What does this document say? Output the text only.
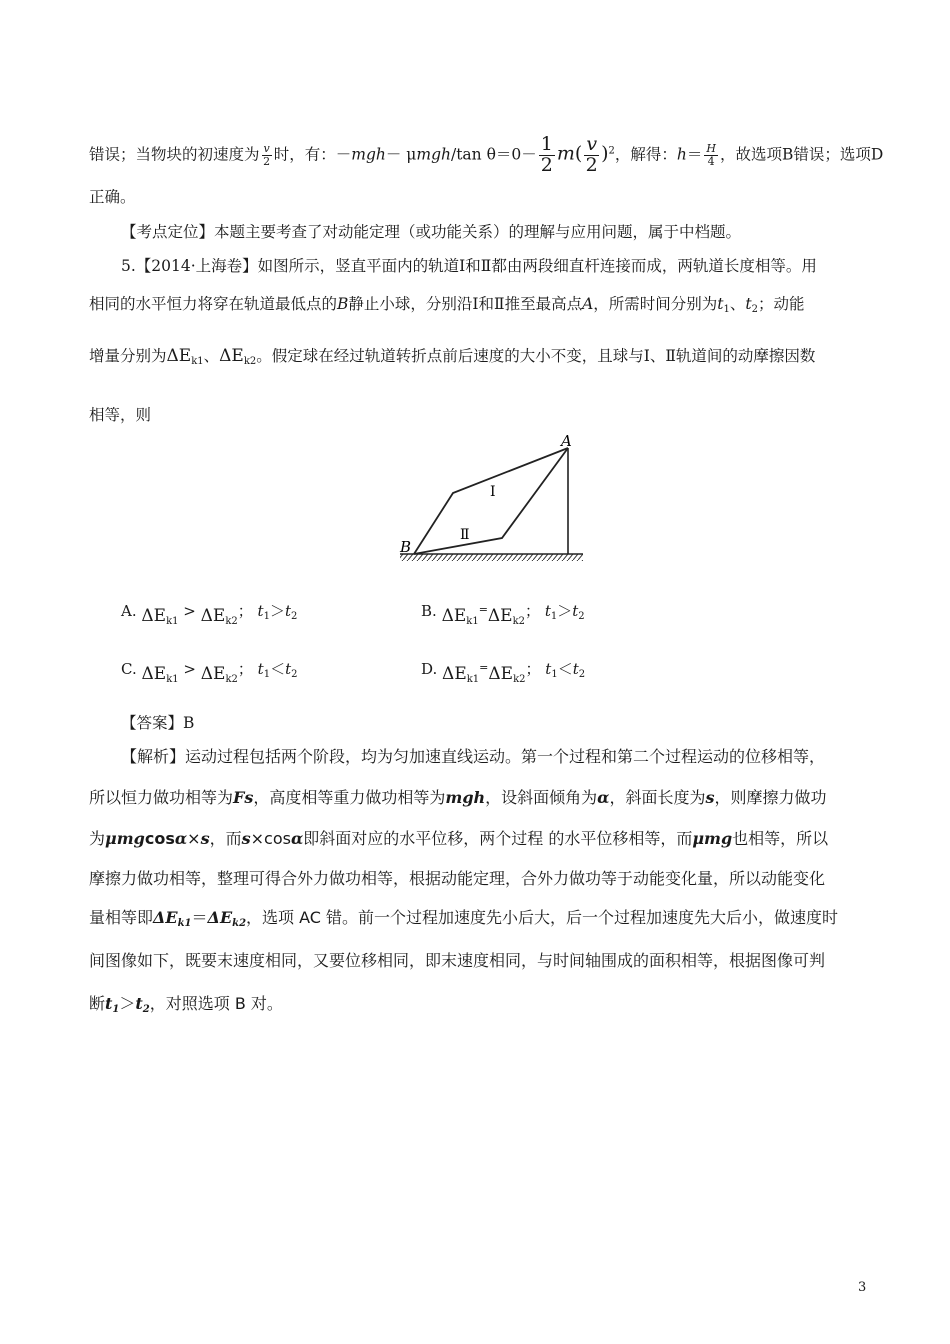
错误；当物块的初速度为 $\frac{v}{2}$ 时，有：－mgh－ μmgh/tan $\theta=0- \frac{1}{2} m( \frac{v}{2} )^2$，解得：$h= \frac{H}{4}$ ，故选项B错误；选项D
正确。
【考点定位】本题主要考查了对动能定理（或功能关系）的理解与应用问题，属于中档题。
5.【2014·上海卷】如图所示，竖直平面内的轨道Ⅰ和Ⅱ都由两段细直杆连接而成，两轨道长度相等。用
相同的水平恒力将穿在轨道最低点的B静止小球，分别沿Ⅰ和Ⅱ推至最高点A，所需时间分别为$t_1$、$t_2$；动能
增量分别为$\Delta E_{k1}$、$\Delta E_{k2}$。假定球在经过轨道转折点前后速度的大小不变，且球与Ⅰ、Ⅱ轨道间的动摩擦因数
相等，则
A
B
Ⅰ
Ⅱ
A. $\Delta E_{k1} > \Delta E_{k2}$； $t_1>t_2$	B. $\Delta E_{k1}^=\Delta E_{k2}$； $t_1>t_2$
C. $\Delta E_{k1} > \Delta E_{k2}$； $t_1<t_2$	D. $\Delta E_{k1}^=\Delta E_{k2}$； $t_1<t_2$
【答案】B
【解析】运动过程包括两个阶段，均为匀加速直线运动。第一个过程和第二个过程运动的位移相等，
所以恒力做功相等为Fs，高度相等重力做功相等为mgh，设斜面倾角为α，斜面长度为s，则摩擦力做功
为μmgcosα×s，而s×cosα即斜面对应的水平位移，两个过程 的水平位移相等，而μmg也相等，所以
摩擦力做功相等，整理可得合外力做功相等，根据动能定理，合外力做功等于动能变化量，所以动能变化
量相等即$\Delta E_{k1}=\Delta E_{k2}$，选项 AC 错。前一个过程加速度先小后大，后一个过程加速度先大后小，做速度时
间图像如下，既要末速度相同，又要位移相同，即末速度相同，与时间轴围成的面积相等，根据图像可判
断$t_1>t_2$，对照选项 B 对。
3
